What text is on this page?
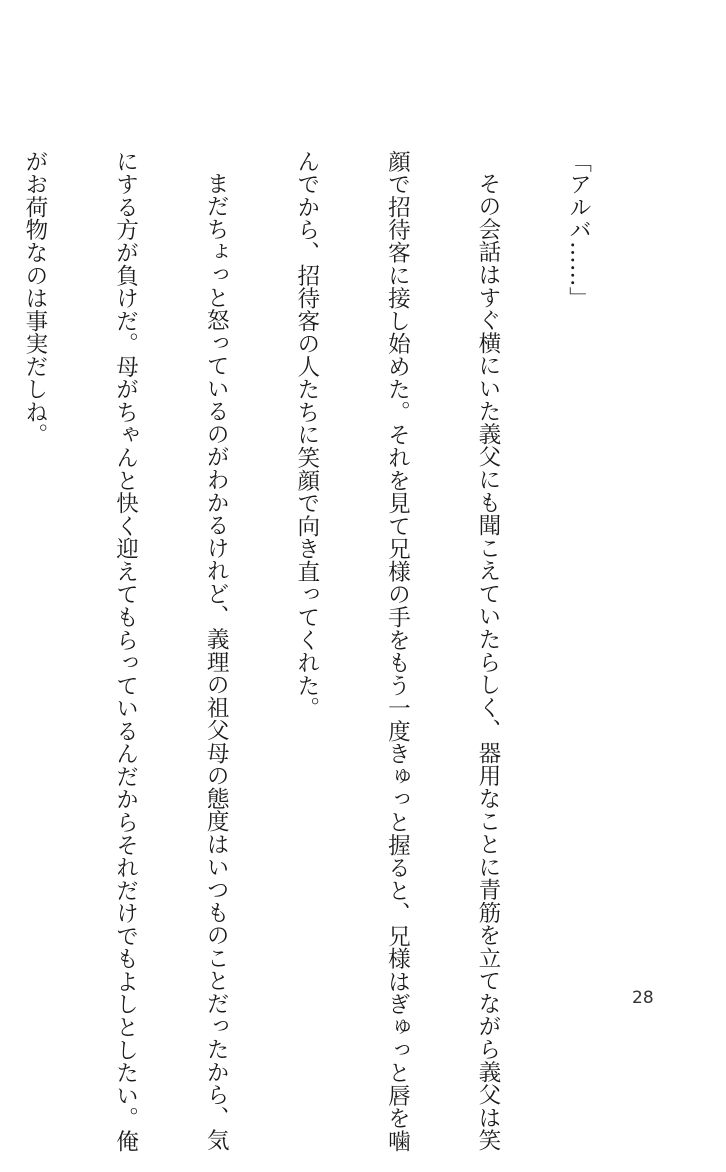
「アルバ……」

その会話はすぐ横にいた義父にも聞こえていたらしく、器用なことに青筋を立てながら義父は笑

顔で招待客に接し始めた。それを見て兄様の手をもう一度きゅっと握ると、兄様はぎゅっと唇を噛

んでから、招待客の人たちに笑顔で向き直ってくれた。

まだちょっと怒っているのがわかるけれど、義理の祖父母の態度はいつものことだったから、気

にする方が負けだ。母がちゃんと快く迎えてもらっているんだからそれだけでもよしとしたい。俺

がお荷物なのは事実だしね。

28
